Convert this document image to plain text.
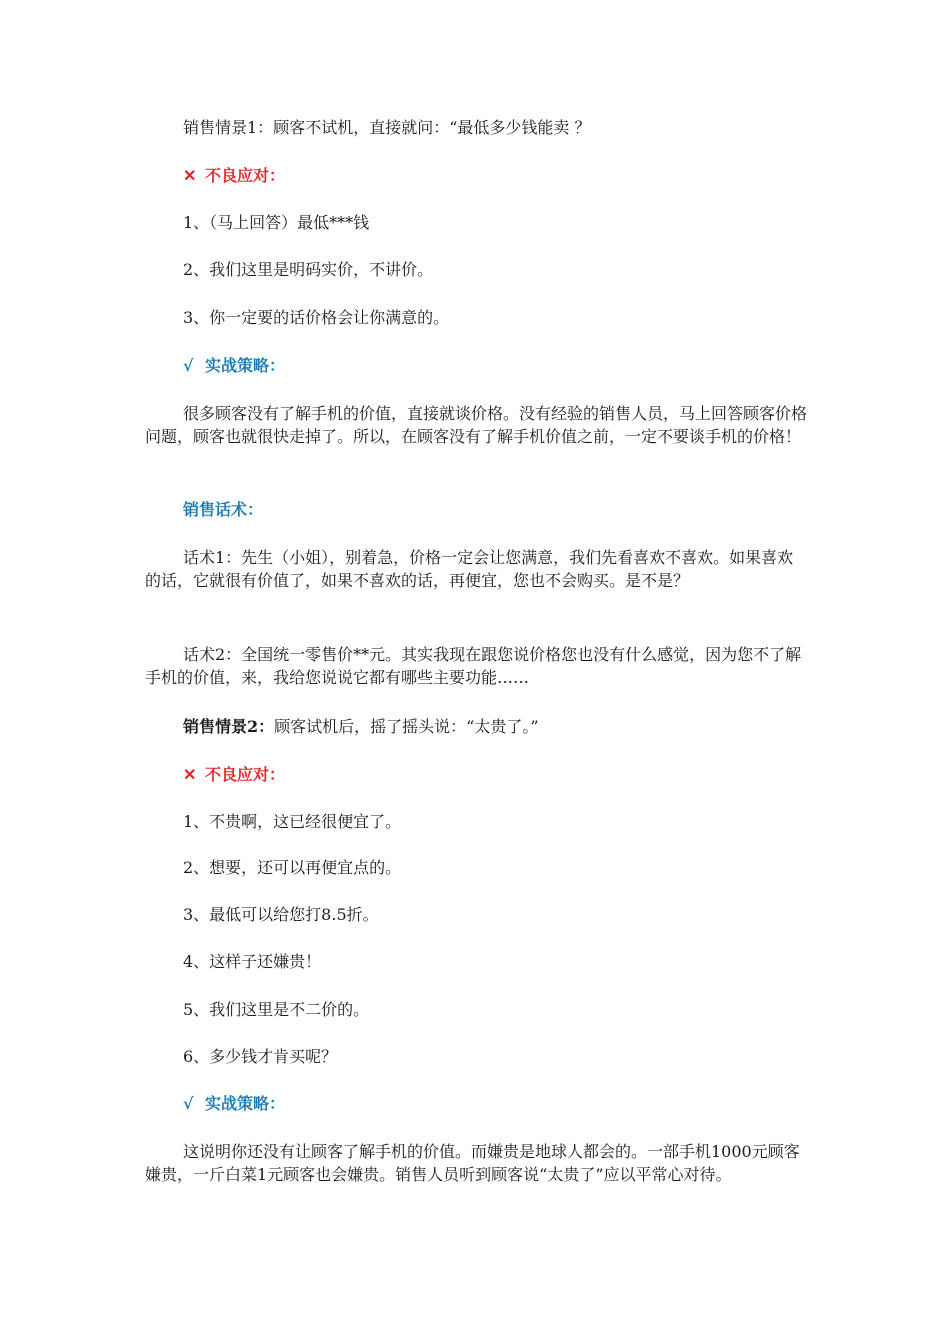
销售情景1：顾客不试机，直接就问：“最低多少钱能卖 ？
✕ 不良应对：
1、（马上回答）最低***钱
2、我们这里是明码实价，不讲价。
3、你一定要的话价格会让你满意的。
√ 实战策略：
很多顾客没有了解手机的价值，直接就谈价格。没有经验的销售人员，马上回答顾客价格问题，顾客也就很快走掉了。所以，在顾客没有了解手机价值之前，一定不要谈手机的价格！
销售话术：
话术1：先生（小姐），别着急，价格一定会让您满意，我们先看喜欢不喜欢。如果喜欢的话，它就很有价值了，如果不喜欢的话，再便宜，您也不会购买。是不是？
话术2：全国统一零售价**元。其实我现在跟您说价格您也没有什么感觉，因为您不了解手机的价值，来，我给您说说它都有哪些主要功能……
销售情景2：顾客试机后，摇了摇头说：“太贵了。”
✕ 不良应对：
1、不贵啊，这已经很便宜了。
2、想要，还可以再便宜点的。
3、最低可以给您打8.5折。
4、这样子还嫌贵！
5、我们这里是不二价的。
6、多少钱才肯买呢？
√ 实战策略：
这说明你还没有让顾客了解手机的价值。而嫌贵是地球人都会的。一部手机1000元顾客嫌贵，一斤白菜1元顾客也会嫌贵。销售人员听到顾客说“太贵了”应以平常心对待。
